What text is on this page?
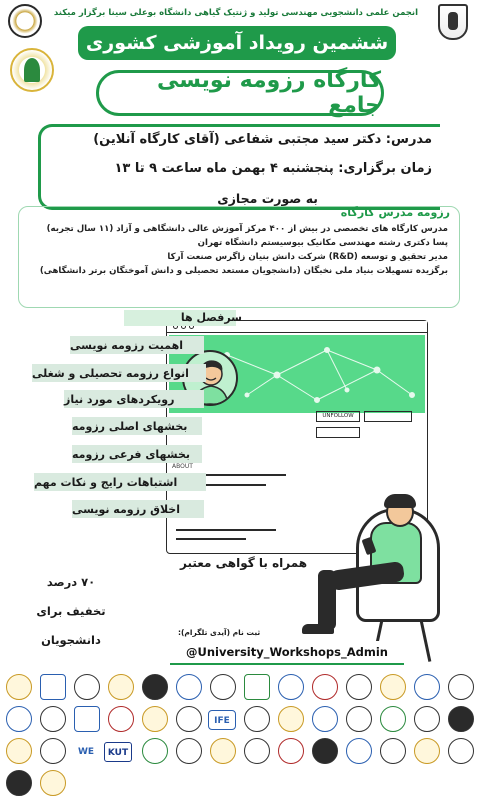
انجمن علمی دانشجویی مهندسی تولید و ژنتیک گیاهی دانشگاه بوعلی سینا برگزار میکند
ششمین رویداد آموزشی کشوری
کارگاه رزومه نویسی جامع
مدرس: دکتر سید مجتبی شفاعی (آقای کارگاه آنلاین)
زمان برگزاری: پنجشنبه ۴ بهمن ماه ساعت ۹ تا ۱۳
به صورت مجازی
رزومه مدرس کارگاه
مدرس کارگاه های تخصصی در بیش از ۴۰۰ مرکز آموزش عالی دانشگاهی و آزاد (۱۱ سال تجربه)
پسا دکتری رشته مهندسی مکانیک بیوسیستم دانشگاه تهران
مدیر تحقیق و توسعه (R&D) شرکت دانش بنیان زاگرس صنعت آرکا
برگزیده تسهیلات بنیاد ملی نخبگان (دانشجویان مستعد تحصیلی و دانش آموختگان برتر دانشگاهی)
UNFOLLOW
ABOUT
سرفصل ها
اهمیت رزومه نویسی
انواع رزومه تحصیلی و شغلی
رویکردهای مورد نیاز
بخشهای اصلی رزومه
بخشهای فرعی رزومه
اشتباهات رایج و نکات مهم
اخلاق رزومه نویسی
همراه با گواهی معتبر
۷۰ درصد
تخفیف برای
دانشجویان
ثبت نام (آیدی تلگرام):
@University_Workshops_Admin
IFE
WE	KUT
